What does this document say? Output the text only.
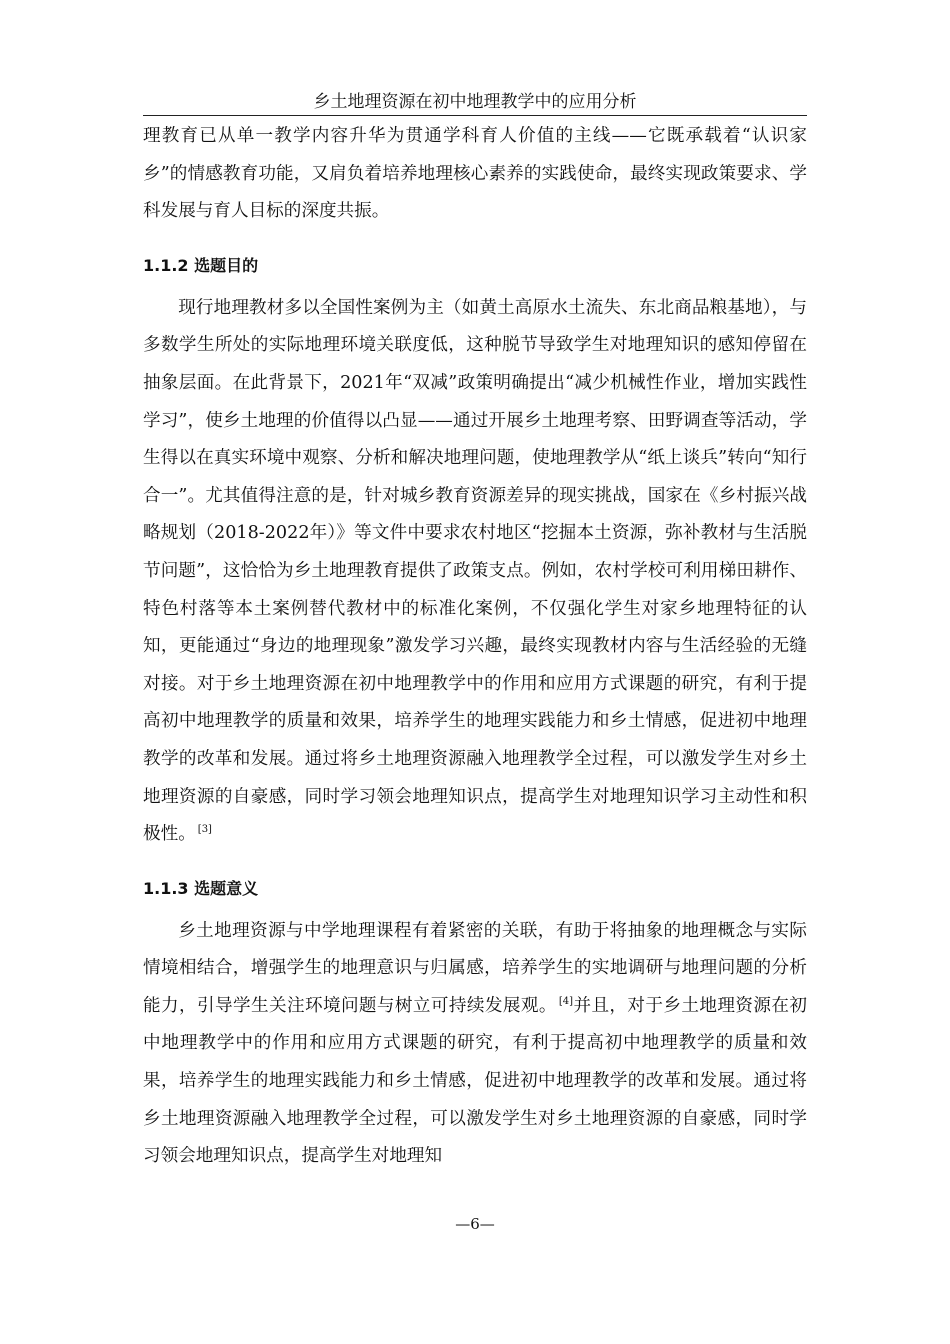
乡土地理资源在初中地理教学中的应用分析

理教育已从单一教学内容升华为贯通学科育人价值的主线——它既承载着“认识家乡”的情感教育功能，又肩负着培养地理核心素养的实践使命，最终实现政策要求、学科发展与育人目标的深度共振。

1.1.2 选题目的

现行地理教材多以全国性案例为主（如黄土高原水土流失、东北商品粮基地），与多数学生所处的实际地理环境关联度低，这种脱节导致学生对地理知识的感知停留在抽象层面。在此背景下，2021年“双减”政策明确提出“减少机械性作业，增加实践性学习”，使乡土地理的价值得以凸显——通过开展乡土地理考察、田野调查等活动，学生得以在真实环境中观察、分析和解决地理问题，使地理教学从“纸上谈兵”转向“知行合一”。尤其值得注意的是，针对城乡教育资源差异的现实挑战，国家在《乡村振兴战略规划（2018-2022年）》等文件中要求农村地区“挖掘本土资源，弥补教材与生活脱节问题”，这恰恰为乡土地理教育提供了政策支点。例如，农村学校可利用梯田耕作、特色村落等本土案例替代教材中的标准化案例，不仅强化学生对家乡地理特征的认知，更能通过“身边的地理现象”激发学习兴趣，最终实现教材内容与生活经验的无缝对接。对于乡土地理资源在初中地理教学中的作用和应用方式课题的研究，有利于提高初中地理教学的质量和效果，培养学生的地理实践能力和乡土情感，促进初中地理教学的改革和发展。通过将乡土地理资源融入地理教学全过程，可以激发学生对乡土地理资源的自豪感，同时学习领会地理知识点，提高学生对地理知识学习主动性和积极性。 [3]

1.1.3 选题意义

乡土地理资源与中学地理课程有着紧密的关联，有助于将抽象的地理概念与实际情境相结合，增强学生的地理意识与归属感，培养学生的实地调研与地理问题的分析能力，引导学生关注环境问题与树立可持续发展观。 [4]并且，对于乡土地理资源在初中地理教学中的作用和应用方式课题的研究，有利于提高初中地理教学的质量和效果，培养学生的地理实践能力和乡土情感，促进初中地理教学的改革和发展。通过将乡土地理资源融入地理教学全过程，可以激发学生对乡土地理资源的自豪感，同时学习领会地理知识点，提高学生对地理知

—6—
